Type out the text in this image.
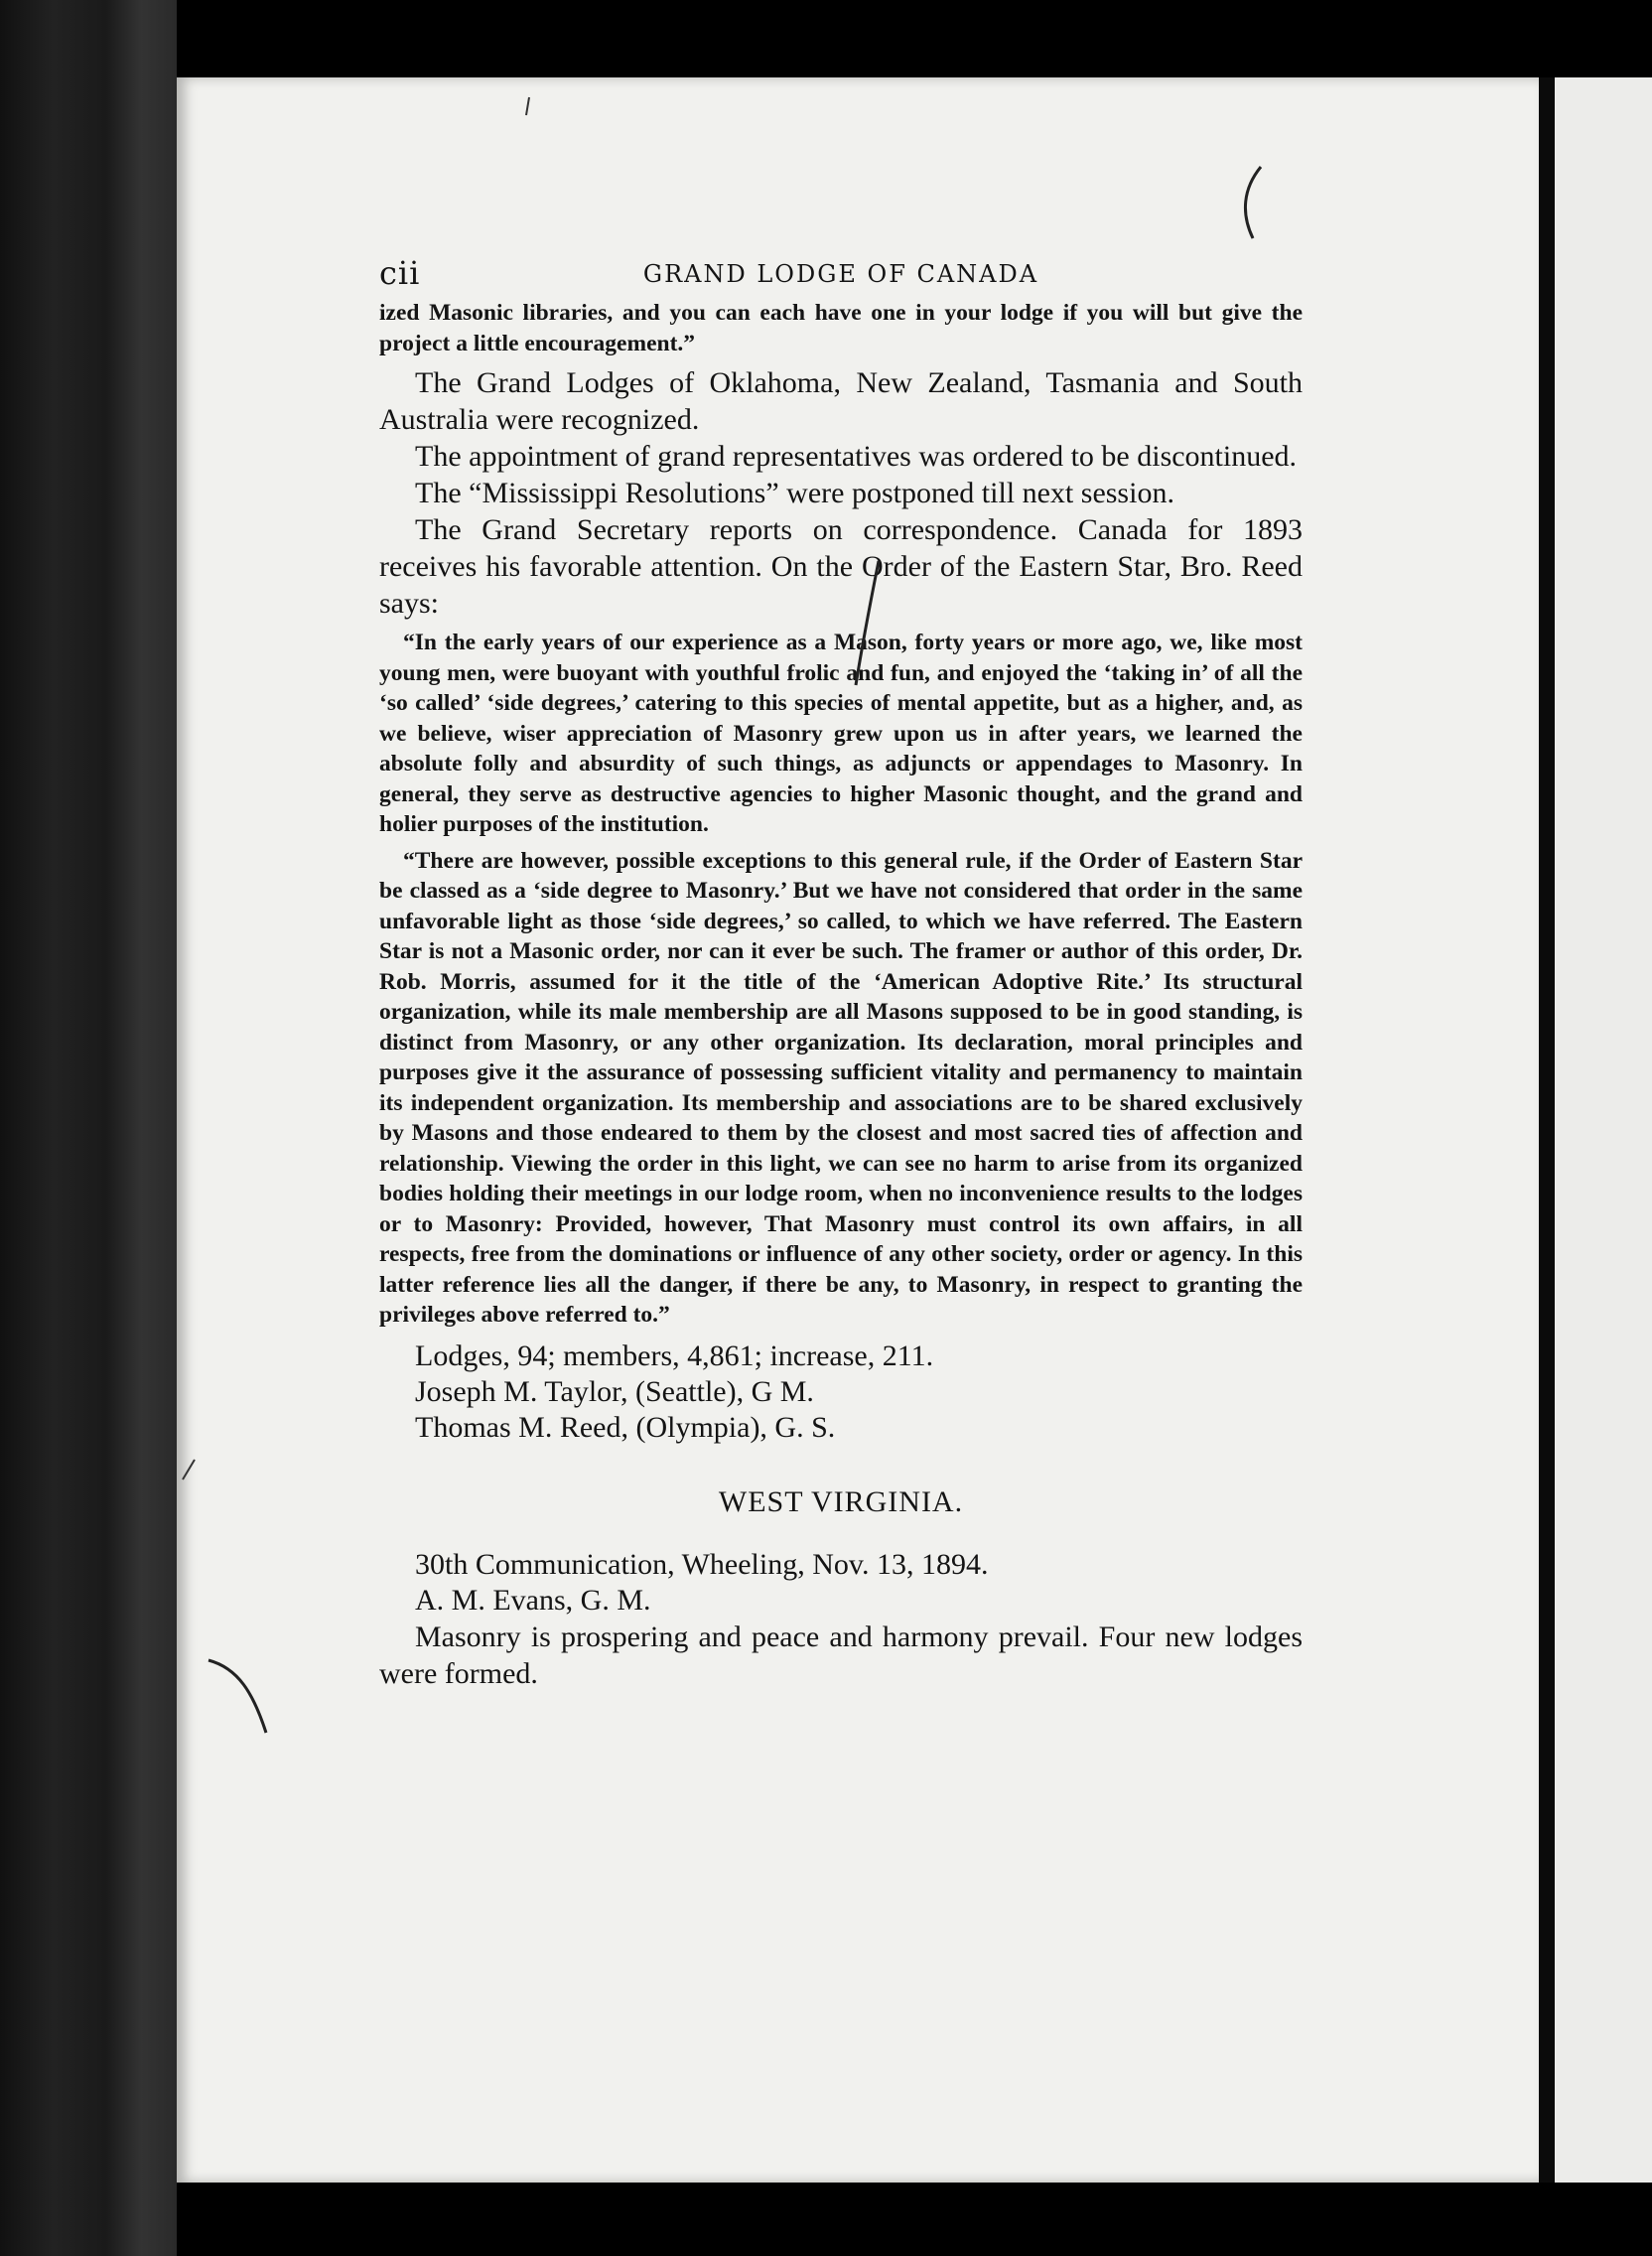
cii	GRAND LODGE OF CANADA

ized Masonic libraries, and you can each have one in your lodge if you will but give the project a little encouragement.”

The Grand Lodges of Oklahoma, New Zealand, Tasmania and South Australia were recognized.

The appointment of grand representatives was ordered to be discontinued.

The “Mississippi Resolutions” were postponed till next session.

The Grand Secretary reports on correspondence. Canada for 1893 receives his favorable attention. On the Order of the Eastern Star, Bro. Reed says:

“In the early years of our experience as a Mason, forty years or more ago, we, like most young men, were buoyant with youthful frolic and fun, and enjoyed the ‘taking in’ of all the ‘so called’ ‘side degrees,’ catering to this species of mental appetite, but as a higher, and, as we believe, wiser appreciation of Masonry grew upon us in after years, we learned the absolute folly and absurdity of such things, as adjuncts or appendages to Masonry. In general, they serve as destructive agencies to higher Masonic thought, and the grand and holier purposes of the institution.

“There are however, possible exceptions to this general rule, if the Order of Eastern Star be classed as a ‘side degree to Masonry.’ But we have not considered that order in the same unfavorable light as those ‘side degrees,’ so called, to which we have referred. The Eastern Star is not a Masonic order, nor can it ever be such. The framer or author of this order, Dr. Rob. Morris, assumed for it the title of the ‘American Adoptive Rite.’ Its structural organization, while its male membership are all Masons supposed to be in good standing, is distinct from Masonry, or any other organization. Its declaration, moral principles and purposes give it the assurance of possessing sufficient vitality and permanency to maintain its independent organization. Its membership and associations are to be shared exclusively by Masons and those endeared to them by the closest and most sacred ties of affection and relationship. Viewing the order in this light, we can see no harm to arise from its organized bodies holding their meetings in our lodge room, when no inconvenience results to the lodges or to Masonry: Provided, however, That Masonry must control its own affairs, in all respects, free from the dominations or influence of any other society, order or agency. In this latter reference lies all the danger, if there be any, to Masonry, in respect to granting the privileges above referred to.”

Lodges, 94; members, 4,861; increase, 211.

Joseph M. Taylor, (Seattle), G M.

Thomas M. Reed, (Olympia), G. S.

WEST VIRGINIA.

30th Communication, Wheeling, Nov. 13, 1894.

A. M. Evans, G. M.

Masonry is prospering and peace and harmony prevail. Four new lodges were formed.
